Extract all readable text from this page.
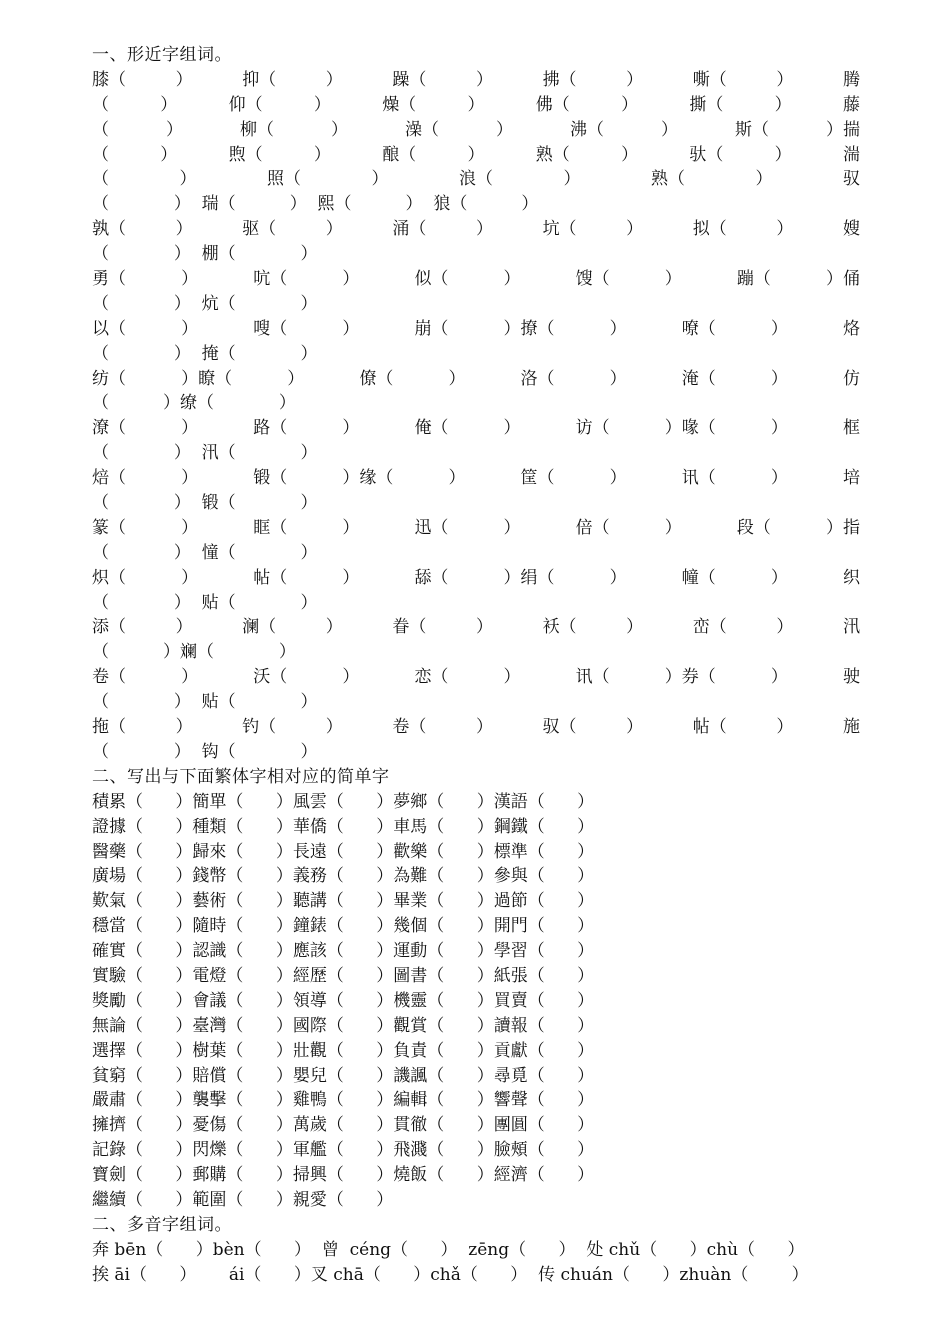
一、形近字组词。
膝（	）	抑（	）	躁（	）	拂（	）	嘶（	）	腾
（	）	仰（	）	燥（	）	佛（	）	撕（	）	藤
（	）	柳（	）	澡（	）	沸（	）	斯（	）揣
（	）	煦（	）	酿（	）	熟（	）	驮（	）	湍
（	）	照（	）	浪（	）	熟（	）	驭
（            ）  瑞（          ）  熙（          ）  狼（          ）
孰（	）	驱（	）	涌（	）	坑（	）	拟（	）	嫂
（            ）  棚（            ）
勇（	）	吭（	）	似（	）	馊（	）	蹦（	）俑
（            ）  炕（            ）
以（	）	嗖（	）	崩（	）撩（	）	嘹（	）	烙
（            ）  掩（            ）
纺（	）瞭（	）	僚（	）	洛（	）	淹（	）	仿
（          ）缭（            ）
潦（	）	路（	）	俺（	）	访（	）喙（	）	框
（            ）  汛（            ）
焙（	）	锻（	）缘（	）	筐（	）	讯（	）	培
（            ）  锻（            ）
篆（	）	眶（	）	迅（	）	倍（	）	段（	）指
（            ）  憧（            ）
炽（	）	帖（	）	舔（	）绢（	）	幢（	）	织
（            ）  贴（            ）
添（	）	澜（	）	眷（	）	袄（	）	峦（	）	汛
（          ）斓（            ）
卷（	）	沃（	）	恋（	）	讯（	）券（	）	驶
（            ）  贴（            ）
拖（	）	钓（	）	卷（	）	驭（	）	帖（	）	施
（            ）  钩（            ）
二、写出与下面繁体字相对应的简单字
積累（      ）簡單（      ）風雲（      ）夢鄉（      ）漢語（      ）
證據（      ）種類（      ）華僑（      ）車馬（      ）鋼鐵（      ）
醫藥（      ）歸來（      ）長遠（      ）歡樂（      ）標準（      ）
廣場（      ）錢幣（      ）義務（      ）為難（      ）參與（      ）
歎氣（      ）藝術（      ）聽講（      ）畢業（      ）過節（      ）
穩當（      ）隨時（      ）鐘錶（      ）幾個（      ）開門（      ）
確實（      ）認識（      ）應該（      ）運動（      ）學習（      ）
實驗（      ）電燈（      ）經歷（      ）圖書（      ）紙張（      ）
獎勵（      ）會議（      ）領導（      ）機靈（      ）買賣（      ）
無論（      ）臺灣（      ）國際（      ）觀賞（      ）讀報（      ）
選擇（      ）樹葉（      ）壯觀（      ）負責（      ）貢獻（      ）
貧窮（      ）賠償（      ）嬰兒（      ）譏諷（      ）尋覓（      ）
嚴肅（      ）襲擊（      ）雞鴨（      ）編輯（      ）響聲（      ）
擁擠（      ）憂傷（      ）萬歲（      ）貫徹（      ）團圓（      ）
記錄（      ）閃爍（      ）軍艦（      ）飛濺（      ）臉頰（      ）
寶劍（      ）郵購（      ）掃興（      ）燒飯（      ）經濟（      ）
繼續（      ）範圍（      ）親愛（      ）
二、多音字组词。
奔 bēn（      ）bèn（      ）  曾  céng（      ）  zēng（      ）  处 chǔ（      ）chù（      ）
挨 āi（      ）      ái（      ）叉 chā（      ）chǎ（      ）  传 chuán（      ）zhuàn（        ）
